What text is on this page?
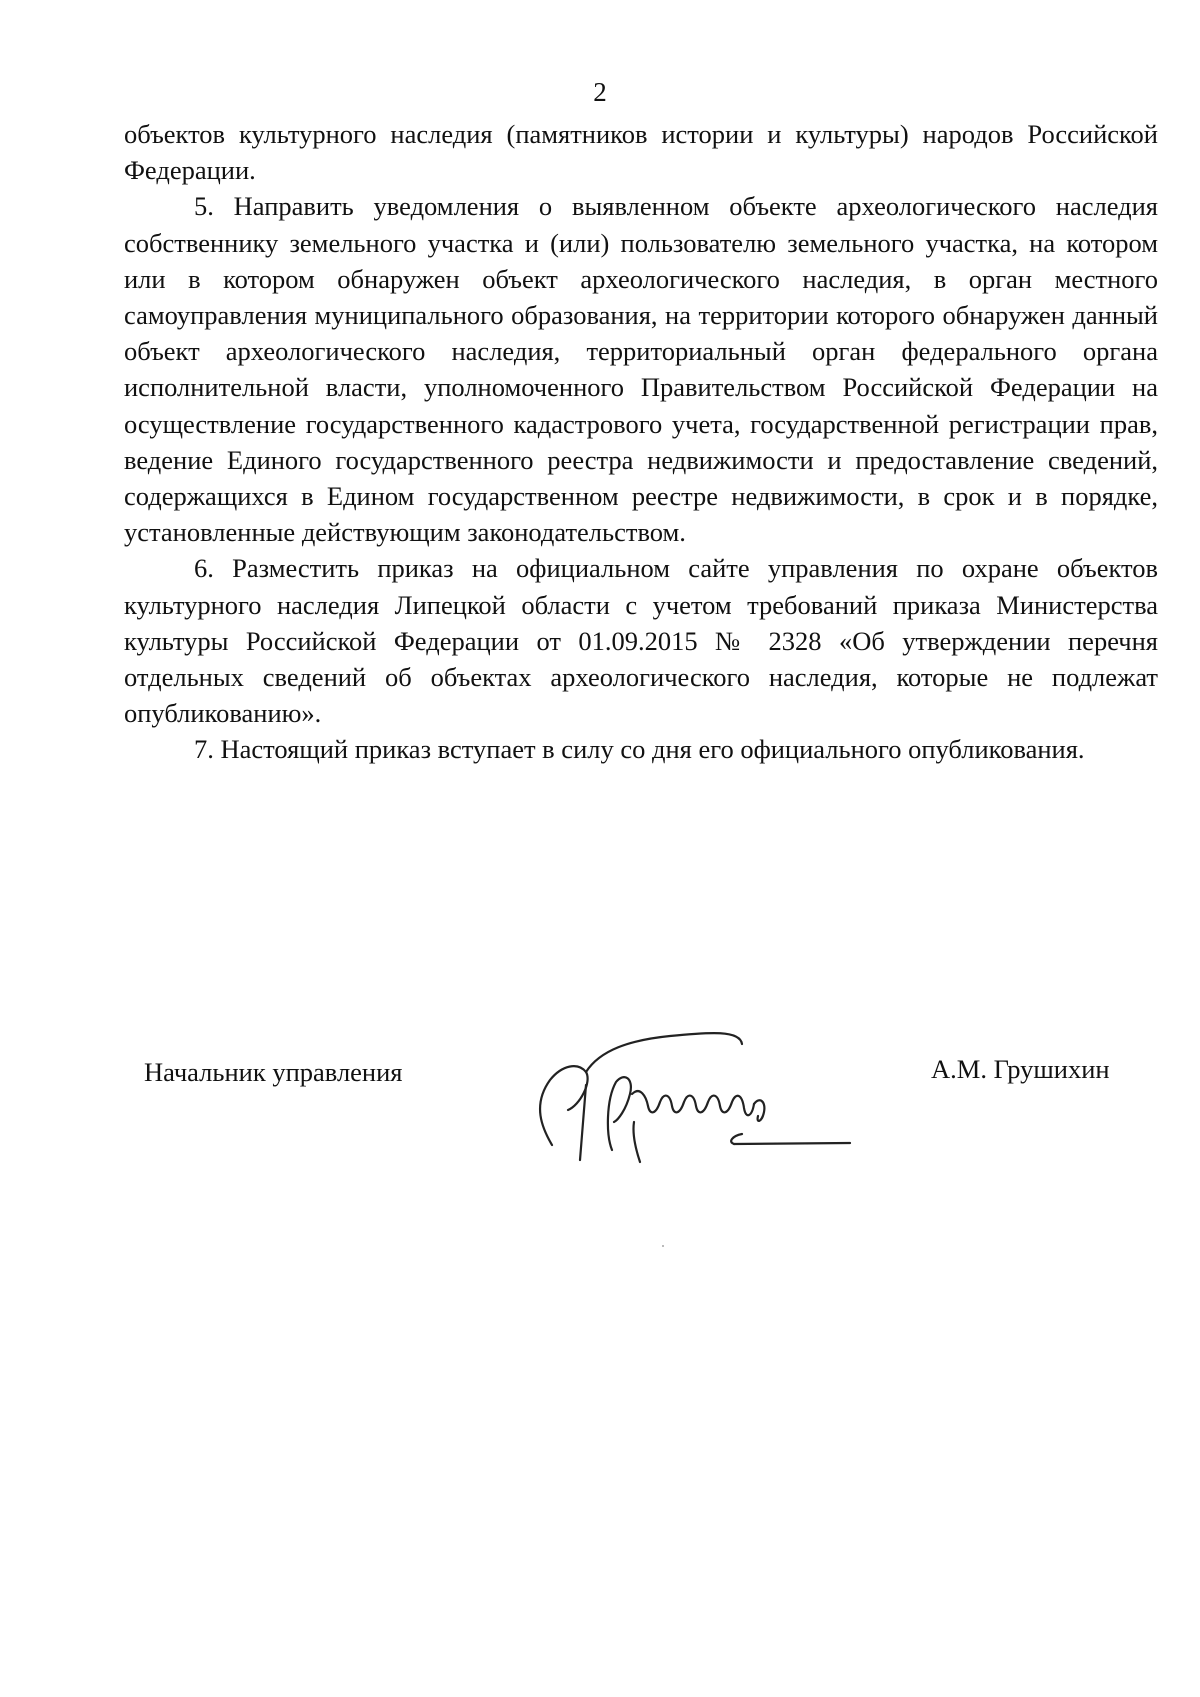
2

объектов культурного наследия (памятников истории и культуры) народов Российской Федерации.

5. Направить уведомления о выявленном объекте археологического наследия собственнику земельного участка и (или) пользователю земельного участка, на котором или в котором обнаружен объект археологического наследия, в орган местного самоуправления муниципального образования, на территории которого обнаружен данный объект археологического наследия, территориальный орган федерального органа исполнительной власти, уполномоченного Правительством Российской Федерации на осуществление государственного кадастрового учета, государственной регистрации прав, ведение Единого государственного реестра недвижимости и предоставление сведений, содержащихся в Едином государственном реестре недвижимости, в срок и в порядке, установленные действующим законодательством.

6. Разместить приказ на официальном сайте управления по охране объектов культурного наследия Липецкой области с учетом требований приказа Министерства культуры Российской Федерации от 01.09.2015 № 2328 «Об утверждении перечня отдельных сведений об объектах археологического наследия, которые не подлежат опубликованию».

7. Настоящий приказ вступает в силу со дня его официального опубликования.

Начальник управления	А.М. Грушихин
